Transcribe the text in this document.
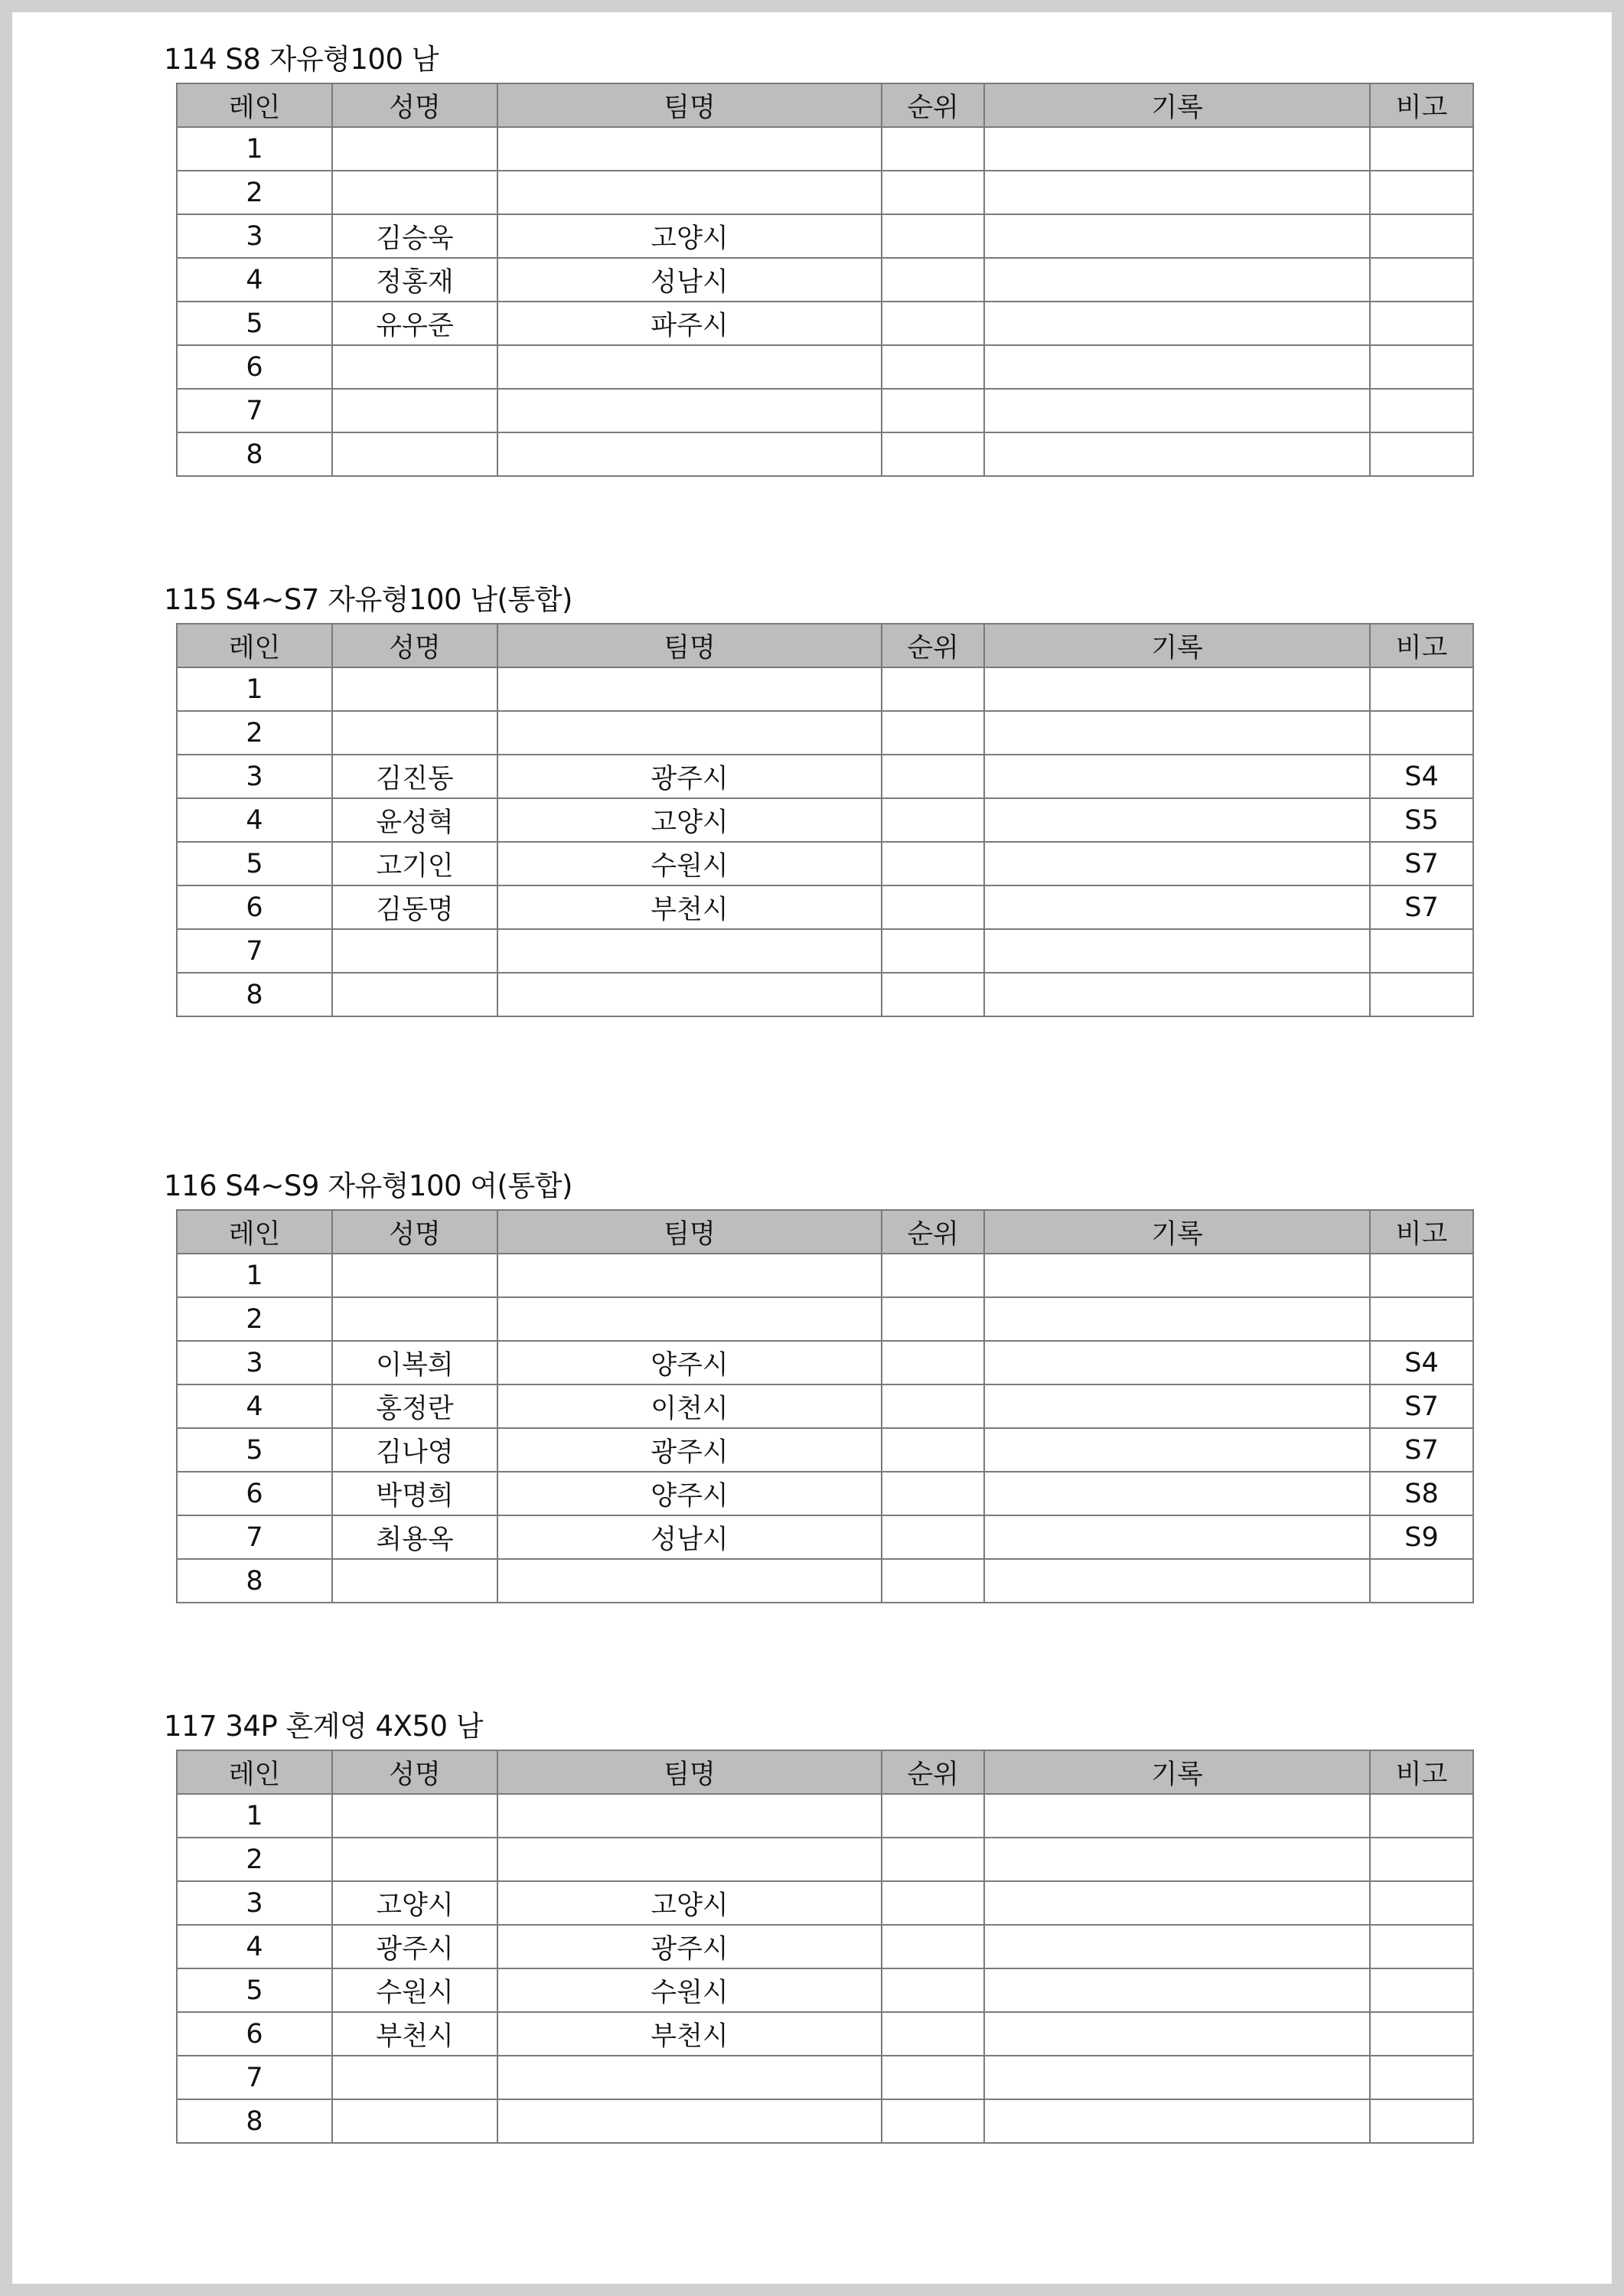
114 S8 자유형100 남
레인	성명	팀명	순위	기록	비고
1					
2					
3	김승욱	고양시			
4	정홍재	성남시			
5	유우준	파주시			
6					
7					
8					
115 S4~S7 자유형100 남(통합)
레인	성명	팀명	순위	기록	비고
1					
2					
3	김진동	광주시			S4
4	윤성혁	고양시			S5
5	고기인	수원시			S7
6	김동명	부천시			S7
7					
8					
116 S4~S9 자유형100 여(통합)
레인	성명	팀명	순위	기록	비고
1					
2					
3	이복희	양주시			S4
4	홍정란	이천시			S7
5	김나영	광주시			S7
6	박명희	양주시			S8
7	최용옥	성남시			S9
8					
117 34P 혼계영 4X50 남
레인	성명	팀명	순위	기록	비고
1					
2					
3	고양시	고양시			
4	광주시	광주시			
5	수원시	수원시			
6	부천시	부천시			
7					
8					
